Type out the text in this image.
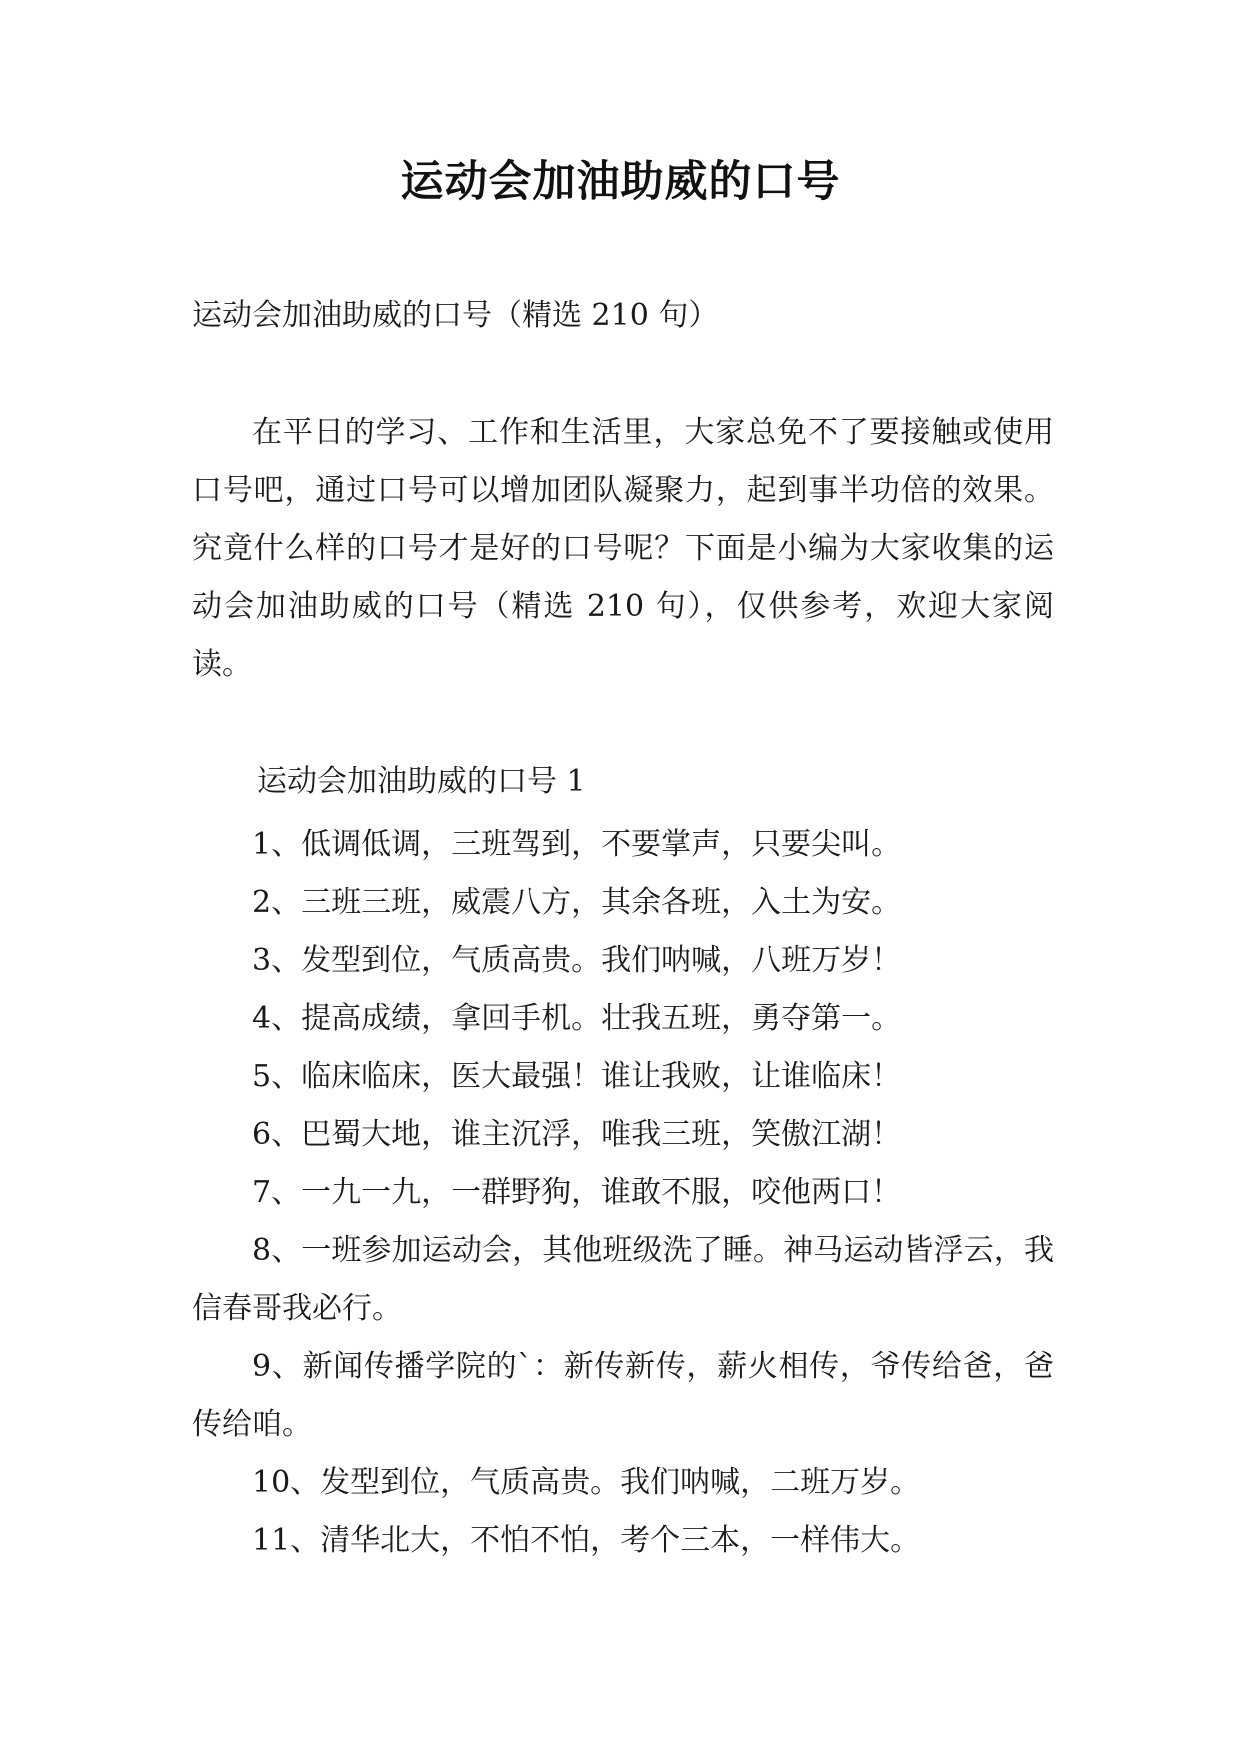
运动会加油助威的口号
运动会加油助威的口号（精选 210 句）

在平日的学习、工作和生活里，大家总免不了要接触或使用口号吧，通过口号可以增加团队凝聚力，起到事半功倍的效果。究竟什么样的口号才是好的口号呢？下面是小编为大家收集的运动会加油助威的口号（精选 210 句），仅供参考，欢迎大家阅读。

运动会加油助威的口号 1

1、低调低调，三班驾到，不要掌声，只要尖叫。

2、三班三班，威震八方，其余各班，入土为安。

3、发型到位，气质高贵。我们呐喊，八班万岁！

4、提高成绩，拿回手机。壮我五班，勇夺第一。

5、临床临床，医大最强！谁让我败，让谁临床！

6、巴蜀大地，谁主沉浮，唯我三班，笑傲江湖！

7、一九一九，一群野狗，谁敢不服，咬他两口！

8、一班参加运动会，其他班级洗了睡。神马运动皆浮云，我信春哥我必行。

9、新闻传播学院的`：新传新传，薪火相传，爷传给爸，爸传给咱。

10、发型到位，气质高贵。我们呐喊，二班万岁。

11、清华北大，不怕不怕，考个三本，一样伟大。
